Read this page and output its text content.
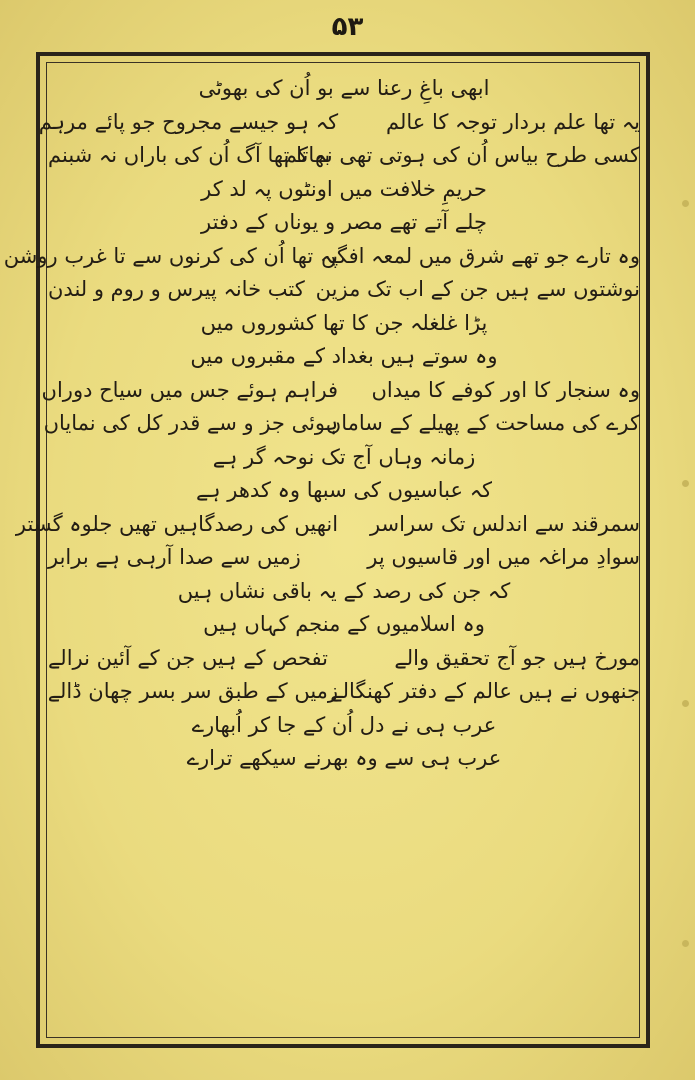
۵۳
ابھی باغِ رعنا سے بو اُن کی بھوٹی
یہ تھا علم بردار توجہ کا عالم
کہ ہو جیسے مجروح جو پائے مرہم
کسی طرح بیاس اُن کی ہوتی تھی نہ کم
بھاتا تھا آگ اُن کی باراں نہ شبنم
حریمِ خلافت میں اونٹوں پہ لد کر
چلے آتے تھے مصر و یوناں کے دفتر
وہ تارے جو تھے شرق میں لمعہ افگن
پہ تھا اُن کی کرنوں سے تا غرب روشن
نوشتوں سے ہیں جن کے اب تک مزین
کتب خانہ پیرس و روم و لندن
پڑا غلغلہ جن کا تھا کشوروں میں
وہ سوتے ہیں بغداد کے مقبروں میں
وہ سنجار کا اور کوفے کا میداں
فراہم ہوئے جس میں سیاح دوراں
کرے کی مساحت کے پھیلے کے ساماں
ہوئی جز و سے قدر کل کی نمایاں
زمانہ وہاں آج تک نوحہ گر ہے
کہ عباسیوں کی سبھا وہ کدھر ہے
سمرقند سے اندلس تک سراسر
انھیں کی رصدگاہیں تھیں جلوہ گستر
سوادِ مراغہ میں اور قاسیوں پر
زمیں سے صدا آرہی ہے برابر
کہ جن کی رصد کے یہ باقی نشاں ہیں
وہ اسلامیوں کے منجم کہاں ہیں
مورخ ہیں جو آج تحقیق والے
تفحص کے ہیں جن کے آئین نرالے
جنھوں نے ہیں عالم کے دفتر کھنگالے
زمیں کے طبق سر بسر چھان ڈالے
عرب ہی نے دل اُن کے جا کر اُبھارے
عرب ہی سے وہ بھرنے سیکھے ترارے
